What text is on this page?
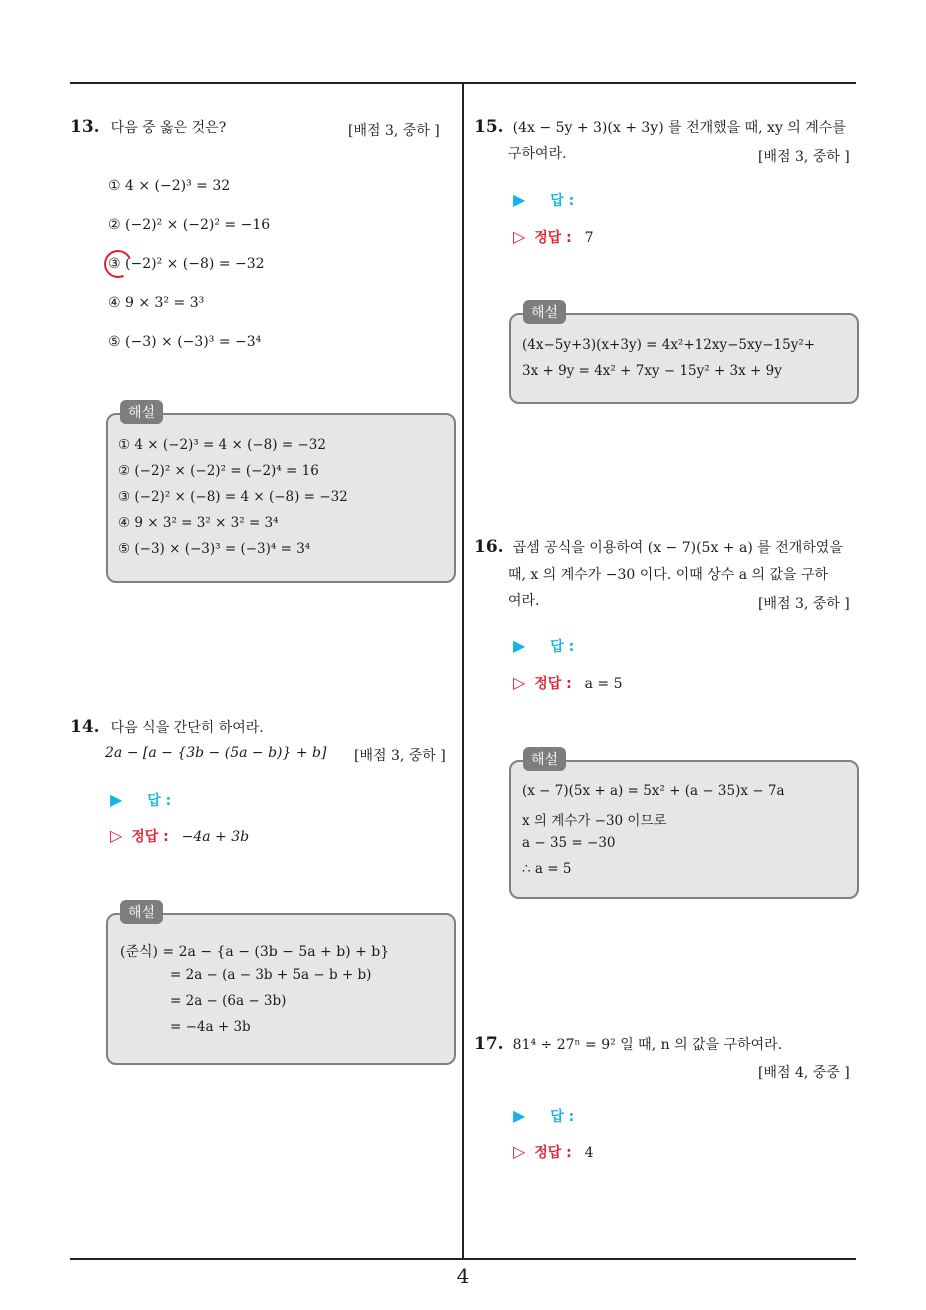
13. 다음 중 옳은 것은?	[배점 3, 중하 ]
① 4 × (−2)³ = 32
② (−2)² × (−2)² = −16
③ (−2)² × (−8) = −32
④ 9 × 3² = 3³
⑤ (−3) × (−3)³ = −3⁴
해설
① 4 × (−2)³ = 4 × (−8) = −32
② (−2)² × (−2)² = (−2)⁴ = 16
③ (−2)² × (−8) = 4 × (−8) = −32
④ 9 × 3² = 3² × 3² = 3⁴
⑤ (−3) × (−3)³ = (−3)⁴ = 3⁴
14. 다음 식을 간단히 하여라.
2a − [a − {3b − (5a − b)} + b] [배점 3, 중하 ]
▶ 답 :
▷ 정답 : −4a + 3b
해설
(준식) = 2a − {a − (3b − 5a + b) + b}
= 2a − (a − 3b + 5a − b + b)
= 2a − (6a − 3b)
= −4a + 3b
15. (4x − 5y + 3)(x + 3y) 를 전개했을 때, xy 의 계수를
구하여라.	[배점 3, 중하 ]
▶ 답 :
▷ 정답 : 7
해설
(4x−5y+3)(x+3y) = 4x²+12xy−5xy−15y²+
3x + 9y = 4x² + 7xy − 15y² + 3x + 9y
16. 곱셈 공식을 이용하여 (x − 7)(5x + a) 를 전개하였을
때, x 의 계수가 −30 이다. 이때 상수 a 의 값을 구하
여라.	[배점 3, 중하 ]
▶ 답 :
▷ 정답 : a = 5
해설
(x − 7)(5x + a) = 5x² + (a − 35)x − 7a
x 의 계수가 −30 이므로
a − 35 = −30
∴ a = 5
17. 81⁴ ÷ 27ⁿ = 9² 일 때, n 의 값을 구하여라.
[배점 4, 중중 ]
▶ 답 :
▷ 정답 : 4
4
